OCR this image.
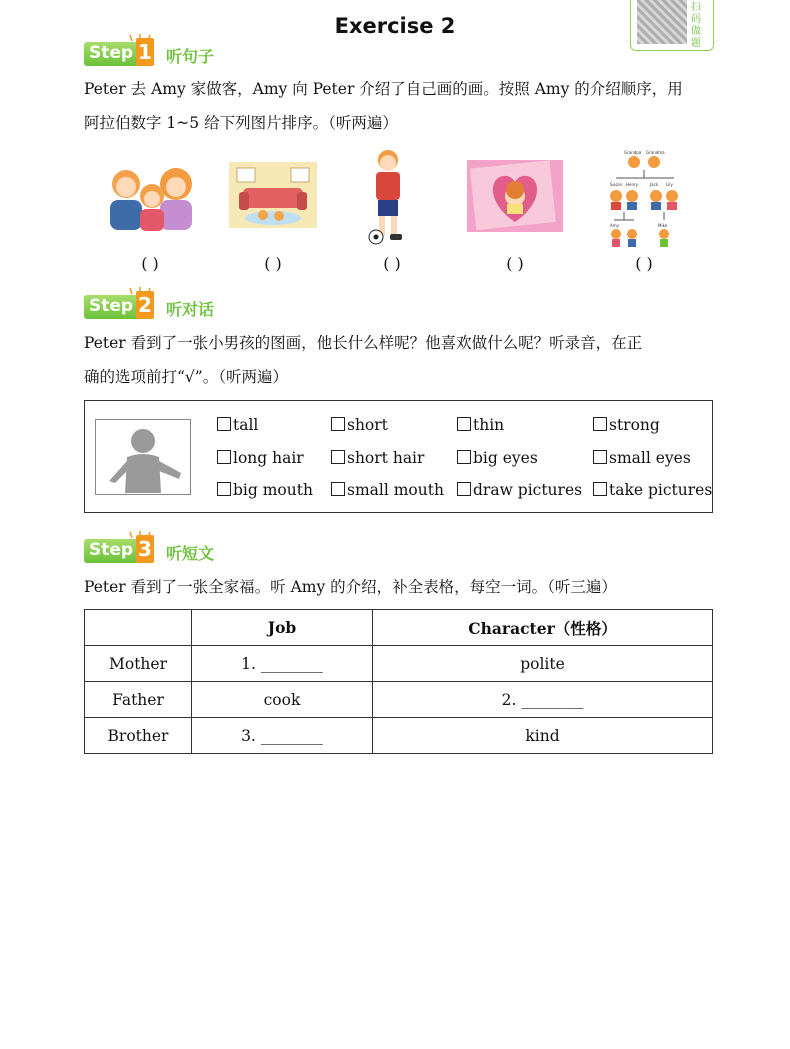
Exercise 2
扫码做题
Step 1 听句子
Peter 去 Amy 家做客，Amy 向 Peter 介绍了自己画的画。按照 Amy 的介绍顺序，用
阿拉伯数字 1~5 给下列图片排序。（听两遍）
Grandpa Grandma
Susan Henry	Jack Lily
Amy	Mike
( )	( )	( )	( )	( )
Step 2 听对话
Peter 看到了一张小男孩的图画，他长什么样呢？他喜欢做什么呢？听录音，在正
确的选项前打“√”。（听两遍）
tall	short	thin	strong
long hair	short hair	big eyes	small eyes
big mouth	small mouth	draw pictures	take pictures
Step 3 听短文
Peter 看到了一张全家福。听 Amy 的介绍，补全表格，每空一词。（听三遍）
	Job	Character（性格）
Mother	1. ________	polite
Father	cook	2. ________
Brother	3. ________	kind
